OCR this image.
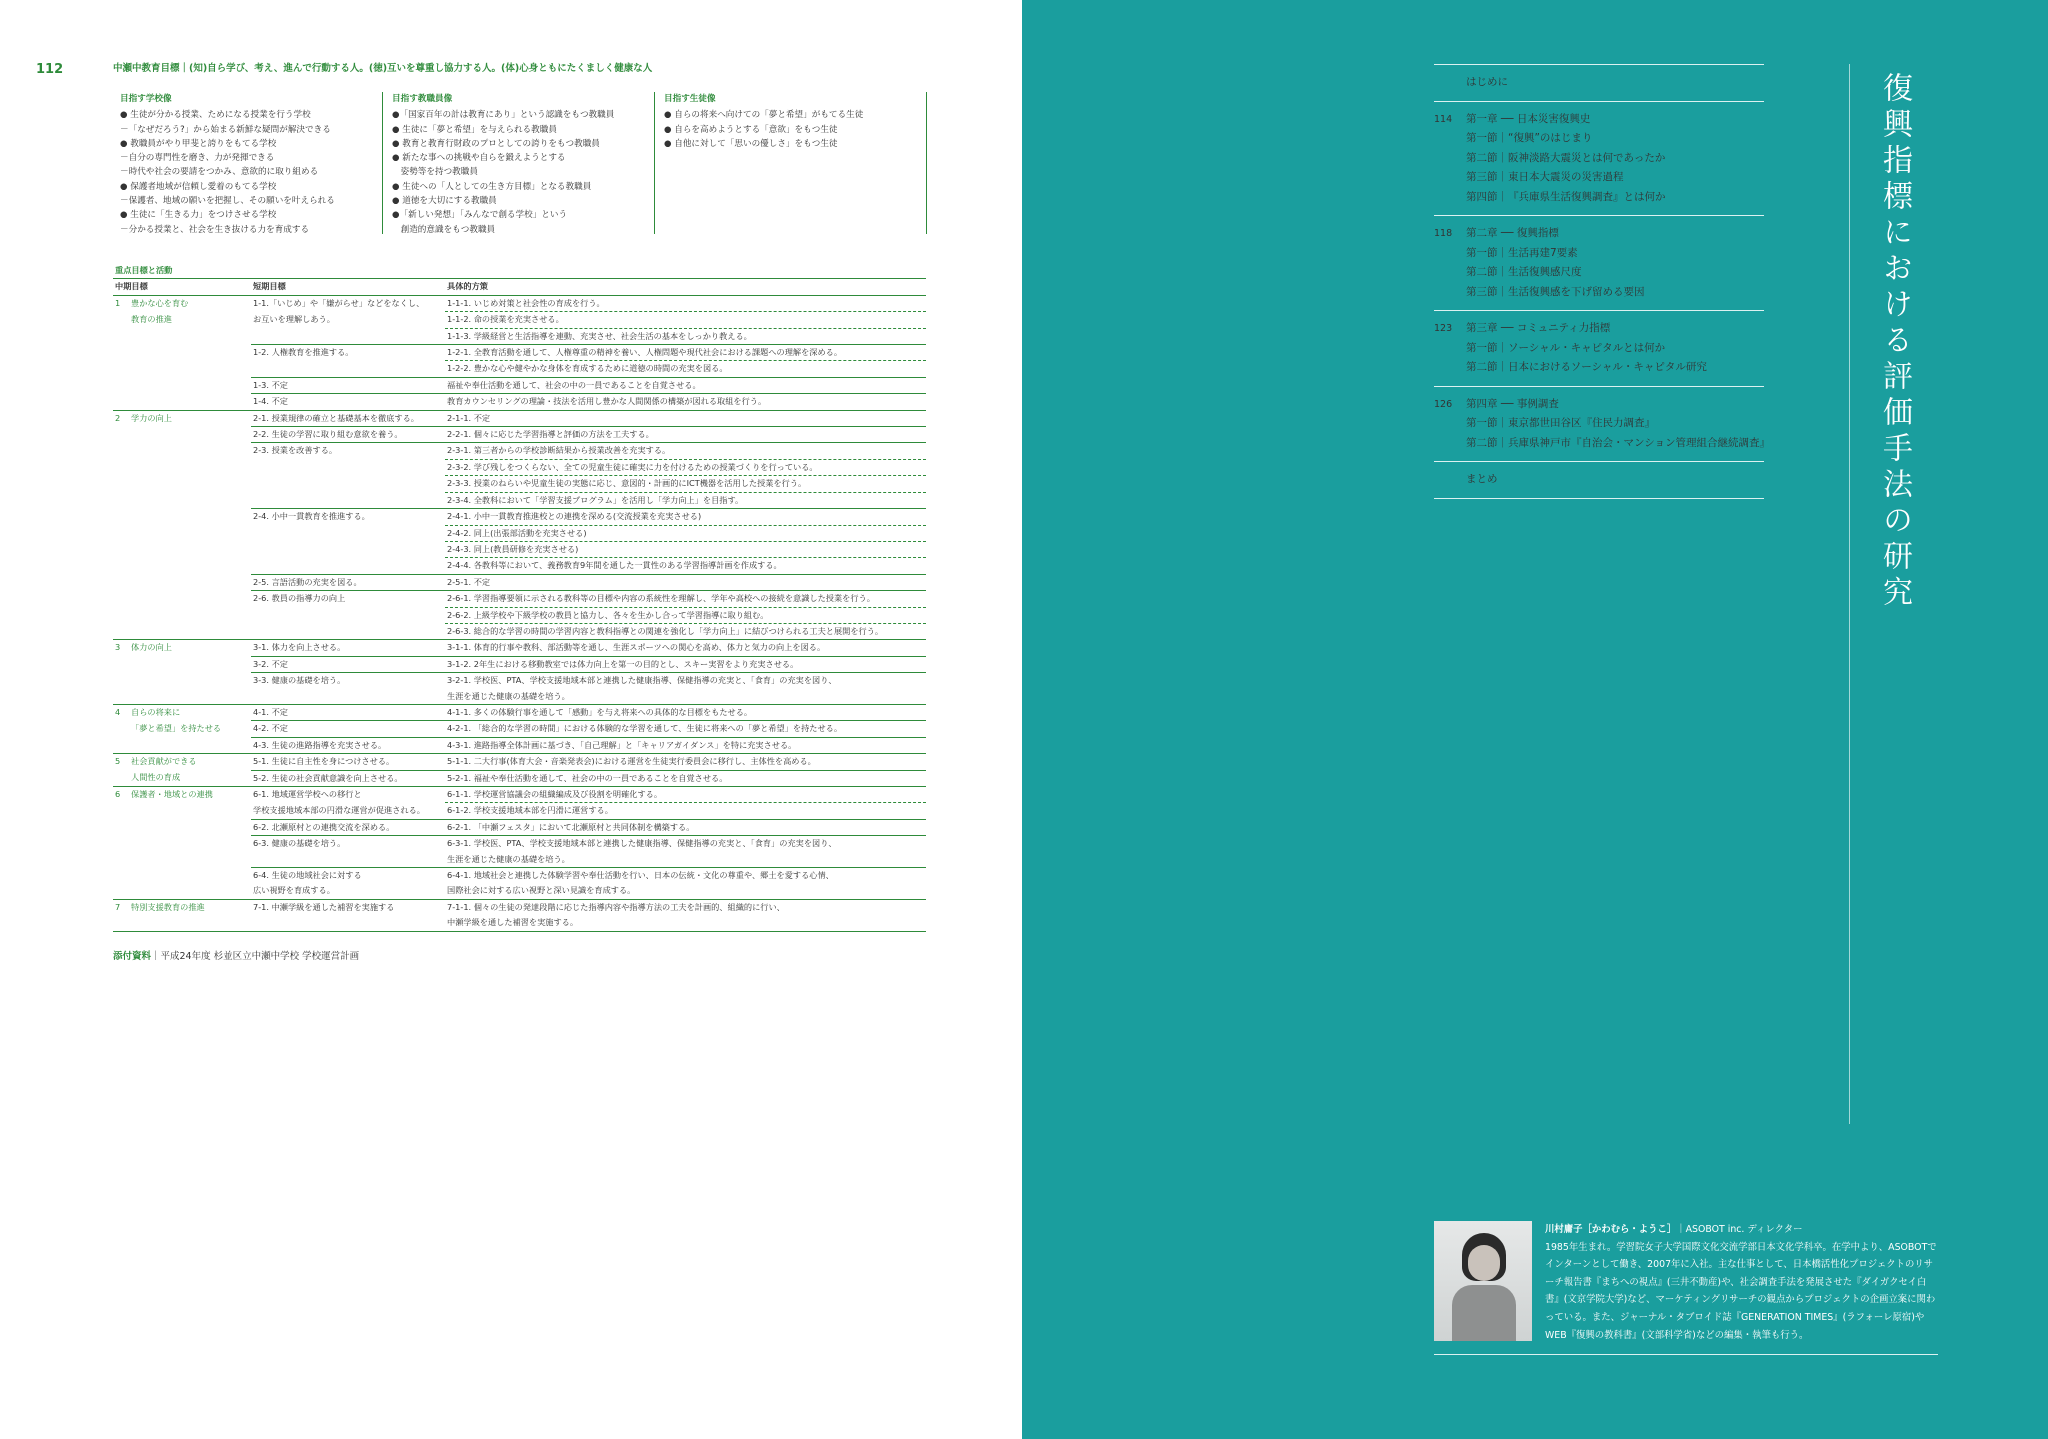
112	中瀬中教育目標｜(知)自ら学び、考え、進んで行動する人。(徳)互いを尊重し協力する人。(体)心身ともにたくましく健康な人
目指す学校像
● 生徒が分かる授業、ためになる授業を行う学校
－「なぜだろう?」から始まる新鮮な疑問が解決できる
● 教職員がやり甲斐と誇りをもてる学校
－自分の専門性を磨き、力が発揮できる
－時代や社会の要請をつかみ、意欲的に取り組める
● 保護者地域が信頼し愛着のもてる学校
－保護者、地域の願いを把握し、その願いを叶えられる
● 生徒に「生きる力」をつけさせる学校
－分かる授業と、社会を生き抜ける力を育成する
目指す教職員像
●「国家百年の計は教育にあり」という認識をもつ教職員
● 生徒に「夢と希望」を与えられる教職員
● 教育と教育行財政のプロとしての誇りをもつ教職員
● 新たな事への挑戦や自らを鍛えようとする
　姿勢等を持つ教職員
● 生徒への「人としての生き方目標」となる教職員
● 道徳を大切にする教職員
●「新しい発想」「みんなで創る学校」という
　創造的意識をもつ教職員
目指す生徒像
● 自らの将来へ向けての「夢と希望」がもてる生徒
● 自らを高めようとする「意欲」をもつ生徒
● 自他に対して「思いの優しさ」をもつ生徒
重点目標と活動			
中期目標		短期目標	具体的方策
1	豊かな心を育む	1-1.「いじめ」や「嫌がらせ」などをなくし、	1-1-1. いじめ対策と社会性の育成を行う。
	教育の推進	お互いを理解しあう。	1-1-2. 命の授業を充実させる。
			1-1-3. 学級経営と生活指導を連動、充実させ、社会生活の基本をしっかり教える。
		1-2. 人権教育を推進する。	1-2-1. 全教育活動を通して、人権尊重の精神を養い、人権問題や現代社会における課題への理解を深める。
			1-2-2. 豊かな心や健やかな身体を育成するために道徳の時間の充実を図る。
		1-3. 不定	福祉や奉仕活動を通して、社会の中の一員であることを自覚させる。
		1-4. 不定	教育カウンセリングの理論・技法を活用し豊かな人間関係の構築が図れる取組を行う。
2	学力の向上	2-1. 授業規律の確立と基礎基本を徹底する。	2-1-1. 不定
		2-2. 生徒の学習に取り組む意欲を養う。	2-2-1. 個々に応じた学習指導と評価の方法を工夫する。
		2-3. 授業を改善する。	2-3-1. 第三者からの学校診断結果から授業改善を充実する。
			2-3-2. 学び残しをつくらない、全ての児童生徒に確実に力を付けるための授業づくりを行っている。
			2-3-3. 授業のねらいや児童生徒の実態に応じ、意図的・計画的にICT機器を活用した授業を行う。
			2-3-4. 全教科において「学習支援プログラム」を活用し「学力向上」を目指す。
		2-4. 小中一貫教育を推進する。	2-4-1. 小中一貫教育推進校との連携を深める(交流授業を充実させる)
			2-4-2. 同上(出張部活動を充実させる)
			2-4-3. 同上(教員研修を充実させる)
			2-4-4. 各教科等において、義務教育9年間を通した一貫性のある学習指導計画を作成する。
		2-5. 言語活動の充実を図る。	2-5-1. 不定
		2-6. 教員の指導力の向上	2-6-1. 学習指導要領に示される教科等の目標や内容の系統性を理解し、学年や高校への接続を意識した授業を行う。
			2-6-2. 上級学校や下級学校の教員と協力し、各々を生かし合って学習指導に取り組む。
			2-6-3. 総合的な学習の時間の学習内容と教科指導との関連を強化し「学力向上」に結びつけられる工夫と展開を行う。
3	体力の向上	3-1. 体力を向上させる。	3-1-1. 体育的行事や教科、部活動等を通し、生涯スポーツへの関心を高め、体力と気力の向上を図る。
		3-2. 不定	3-1-2. 2年生における移動教室では体力向上を第一の目的とし、スキー実習をより充実させる。
		3-3. 健康の基礎を培う。	3-2-1. 学校医、PTA、学校支援地域本部と連携した健康指導、保健指導の充実と、「食育」の充実を図り、
			生涯を通じた健康の基礎を培う。
4	自らの将来に	4-1. 不定	4-1-1. 多くの体験行事を通して「感動」を与え将来への具体的な目標をもたせる。
	「夢と希望」を持たせる	4-2. 不定	4-2-1. 「総合的な学習の時間」における体験的な学習を通して、生徒に将来への「夢と希望」を持たせる。
		4-3. 生徒の進路指導を充実させる。	4-3-1. 進路指導全体計画に基づき、「自己理解」と「キャリアガイダンス」を特に充実させる。
5	社会貢献ができる	5-1. 生徒に自主性を身につけさせる。	5-1-1. 二大行事(体育大会・音楽発表会)における運営を生徒実行委員会に移行し、主体性を高める。
	人間性の育成	5-2. 生徒の社会貢献意識を向上させる。	5-2-1. 福祉や奉仕活動を通して、社会の中の一員であることを自覚させる。
6	保護者・地域との連携	6-1. 地域運営学校への移行と	6-1-1. 学校運営協議会の組織編成及び役割を明確化する。
		学校支援地域本部の円滑な運営が促進される。	6-1-2. 学校支援地域本部を円滑に運営する。
		6-2. 北瀬原村との連携交流を深める。	6-2-1. 「中瀬フェスタ」において北瀬原村と共同体制を構築する。
		6-3. 健康の基礎を培う。	6-3-1. 学校医、PTA、学校支援地域本部と連携した健康指導、保健指導の充実と、「食育」の充実を図り、
			生涯を通じた健康の基礎を培う。
		6-4. 生徒の地域社会に対する	6-4-1. 地域社会と連携した体験学習や奉仕活動を行い、日本の伝統・文化の尊重や、郷土を愛する心情、
		広い視野を育成する。	国際社会に対する広い視野と深い見識を育成する。
7	特別支援教育の推進	7-1. 中瀬学級を通した補習を実施する	7-1-1. 個々の生徒の発達段階に応じた指導内容や指導方法の工夫を計画的、組織的に行い、
			中瀬学級を通した補習を実施する。
添付資料｜平成24年度 杉並区立中瀬中学校 学校運営計画
はじめに
114	第一章 ── 日本災害復興史
第一節｜“復興”のはじまり
第二節｜阪神淡路大震災とは何であったか
第三節｜東日本大震災の災害過程
第四節｜『兵庫県生活復興調査』とは何か
118	第二章 ── 復興指標
第一節｜生活再建7要素
第二節｜生活復興感尺度
第三節｜生活復興感を下げ留める要因
123	第三章 ── コミュニティ力指標
第一節｜ソーシャル・キャピタルとは何か
第二節｜日本におけるソーシャル・キャピタル研究
126	第四章 ── 事例調査
第一節｜東京都世田谷区『住民力調査』
第二節｜兵庫県神戸市『自治会・マンション管理組合継続調査』
まとめ	復興指標における評価手法の研究
川村庸子［かわむら・ようこ］｜ASOBOT inc. ディレクター
1985年生まれ。学習院女子大学国際文化交流学部日本文化学科卒。在学中より、ASOBOTでインターンとして働き、2007年に入社。主な仕事として、日本橋活性化プロジェクトのリサーチ報告書『まちへの視点』(三井不動産)や、社会調査手法を発展させた『ダイガクセイ白書』(文京学院大学)など、マーケティングリサーチの観点からプロジェクトの企画立案に関わっている。また、ジャーナル・タブロイド誌『GENERATION TIMES』(ラフォーレ原宿)やWEB『復興の教科書』(文部科学省)などの編集・執筆も行う。
